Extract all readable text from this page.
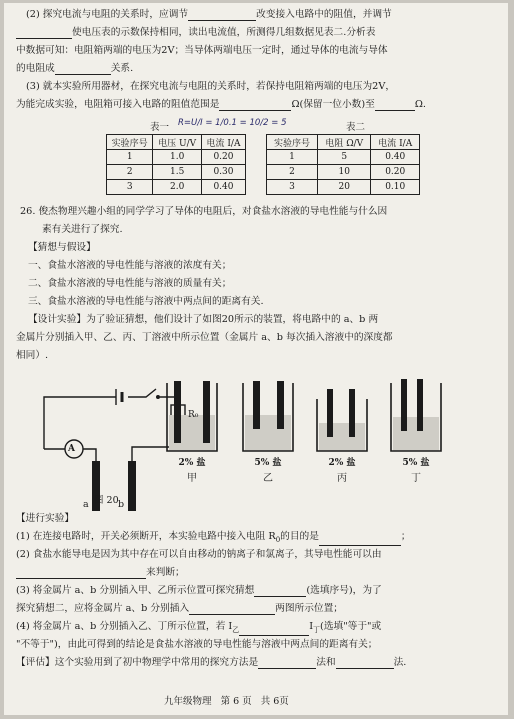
(2) 探究电流与电阻的关系时，应调节	改变接入电路中的阻值，并调节
使电压表的示数保持相同，读出电流值，所测得几组数据见表二.分析表
中数据可知：电阻箱两端的电压为2V；当导体两端电压一定时，通过导体的电流与导体
的电阻成	关系.
(3) 就本实验所用器材，在探究电流与电阻的关系时，若保持电阻箱两端的电压为2V，
为能完成实验，电阻箱可接入电路的阻值范围是	Ω(保留一位小数)至	Ω.
表一 R=U/I = 1/0.1 = 10/2 = 5	表二
实验序号	电压 U/V	电流 I/A
1	1.0	0.20
2	1.5	0.30
3	2.0	0.40
实验序号	电阻 Ω/V	电流 I/A
1	5	0.40
2	10	0.20
3	20	0.10
26. 俊杰物理兴趣小组的同学学习了导体的电阻后，对食盐水溶液的导电性能与什么因
素有关进行了探究.
【猜想与假设】
一、食盐水溶液的导电性能与溶液的浓度有关；
二、食盐水溶液的导电性能与溶液的质量有关；
三、食盐水溶液的导电性能与溶液中两点间的距离有关.
【设计实验】为了验证猜想，他们设计了如图20所示的装置，将电路中的 a、b 两
金属片分别插入甲、乙、丙、丁溶液中所示位置（金属片 a、b 每次插入溶液中的深度都
相同）.
A
R₀
a	b
2% 盐
甲
5% 盐
乙
2% 盐
丙
5% 盐
丁
图 20
【进行实验】
(1) 在连接电路时，开关必须断开，本实验电路中接入电阻 $R_0$的目的是	；
(2) 食盐水能导电是因为其中存在可以自由移动的钠离子和氯离子，其导电性能可以由
来判断；
(3) 将金属片 a、b 分别插入甲、乙所示位置可探究猜想	(选填序号)，为了
探究猜想二，应将金属片 a、b 分别插入	两图所示位置；
(4) 将金属片 a、b 分别插入乙、丁所示位置，若 $I_乙$	$I_丁$(选填"等于"或
"不等于")，由此可得到的结论是食盐水溶液的导电性能与溶液中两点间的距离有关；
【评估】这个实验用到了初中物理学中常用的探究方法是	法和	法.
九年级物理 第 6 页 共 6页
